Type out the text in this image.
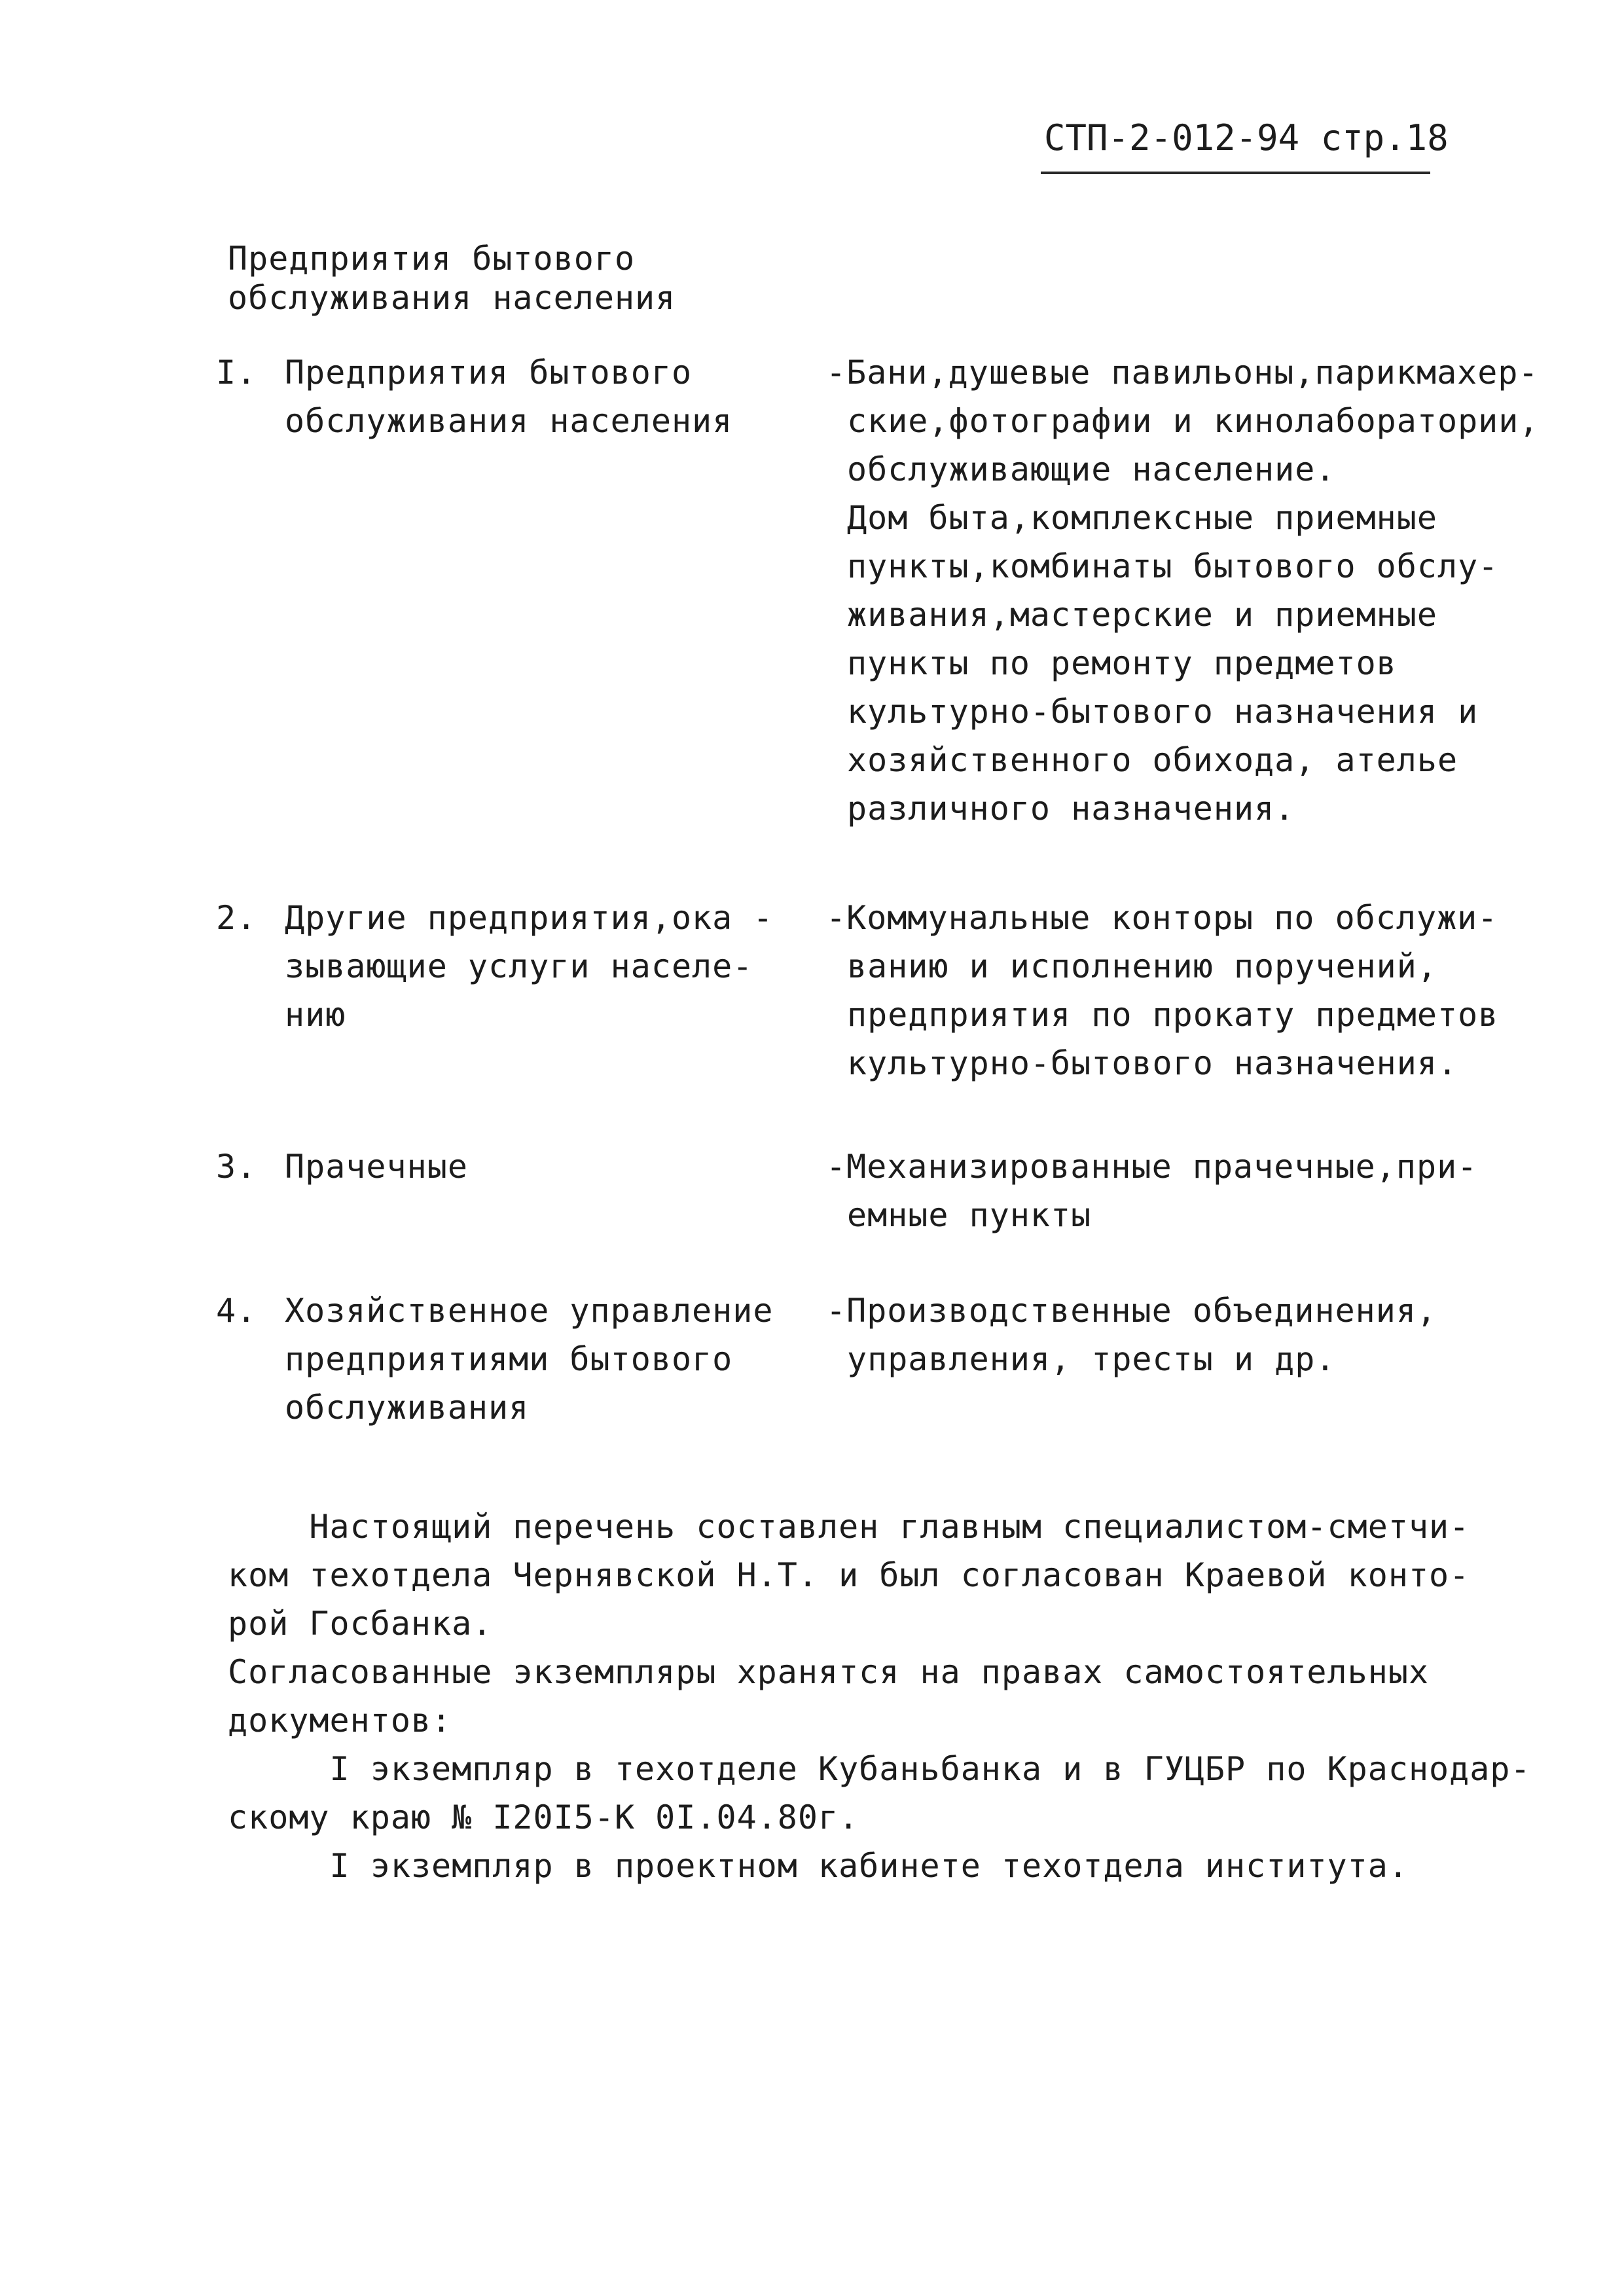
СТП-2-012-94 стр.18
Предприятия бытового
обслуживания населения
I. Предприятия бытового
обслуживания населения
-Бани,душевые павильоны,парикмахер-
ские,фотографии и кинолаборатории,
обслуживающие население.
Дом быта,комплексные приемные
пункты,комбинаты бытового обслу-
живания,мастерские и приемные
пункты по ремонту предметов
культурно-бытового назначения и
хозяйственного обихода, ателье
различного назначения.
2. Другие предприятия,ока -
зывающие услуги населе-
нию
-Коммунальные конторы по обслужи-
ванию и исполнению поручений,
предприятия по прокату предметов
культурно-бытового назначения.
3. Прачечные	-Механизированные прачечные,при-
емные пункты
4. Хозяйственное управление
предприятиями бытового
обслуживания
-Производственные объединения,
управления, тресты и др.
Настоящий перечень составлен главным специалистом-сметчи-
ком техотдела Чернявской Н.Т. и был согласован Краевой конто-
рой Госбанка.
Согласованные экземпляры хранятся на правах самостоятельных
документов:
I экземпляр в техотделе Кубаньбанка и в ГУЦБР по Краснодар-
скому краю № I20I5-К 0I.04.80г.
I экземпляр в проектном кабинете техотдела института.
